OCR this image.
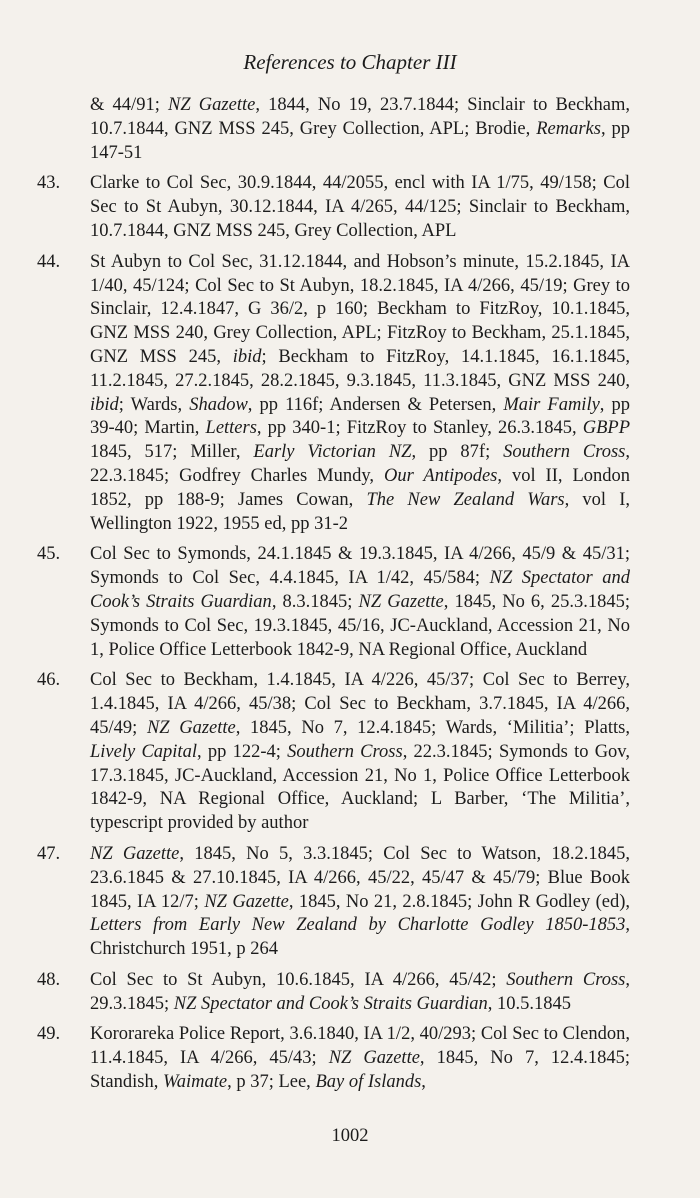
References to Chapter III
& 44/91; NZ Gazette, 1844, No 19, 23.7.1844; Sinclair to Beckham, 10.7.1844, GNZ MSS 245, Grey Collection, APL; Brodie, Remarks, pp 147-51
43.	Clarke to Col Sec, 30.9.1844, 44/2055, encl with IA 1/75, 49/158; Col Sec to St Aubyn, 30.12.1844, IA 4/265, 44/125; Sinclair to Beckham, 10.7.1844, GNZ MSS 245, Grey Collection, APL
44.	St Aubyn to Col Sec, 31.12.1844, and Hobson’s minute, 15.2.1845, IA 1/40, 45/124; Col Sec to St Aubyn, 18.2.1845, IA 4/266, 45/19; Grey to Sinclair, 12.4.1847, G 36/2, p 160; Beckham to FitzRoy, 10.1.1845, GNZ MSS 240, Grey Collection, APL; FitzRoy to Beckham, 25.1.1845, GNZ MSS 245, ibid; Beckham to FitzRoy, 14.1.1845, 16.1.1845, 11.2.1845, 27.2.1845, 28.2.1845, 9.3.1845, 11.3.1845, GNZ MSS 240, ibid; Wards, Shadow, pp 116f; Andersen & Petersen, Mair Family, pp 39-40; Martin, Letters, pp 340-1; FitzRoy to Stanley, 26.3.1845, GBPP 1845, 517; Miller, Early Victorian NZ, pp 87f; Southern Cross, 22.3.1845; Godfrey Charles Mundy, Our Antipodes, vol II, London 1852, pp 188-9; James Cowan, The New Zealand Wars, vol I, Wellington 1922, 1955 ed, pp 31-2
45.	Col Sec to Symonds, 24.1.1845 & 19.3.1845, IA 4/266, 45/9 & 45/31; Symonds to Col Sec, 4.4.1845, IA 1/42, 45/584; NZ Spectator and Cook’s Straits Guardian, 8.3.1845; NZ Gazette, 1845, No 6, 25.3.1845; Symonds to Col Sec, 19.3.1845, 45/16, JC-Auckland, Accession 21, No 1, Police Office Letterbook 1842-9, NA Regional Office, Auckland
46.	Col Sec to Beckham, 1.4.1845, IA 4/226, 45/37; Col Sec to Berrey, 1.4.1845, IA 4/266, 45/38; Col Sec to Beckham, 3.7.1845, IA 4/266, 45/49; NZ Gazette, 1845, No 7, 12.4.1845; Wards, ‘Militia’; Platts, Lively Capital, pp 122-4; Southern Cross, 22.3.1845; Symonds to Gov, 17.3.1845, JC-Auckland, Accession 21, No 1, Police Office Letterbook 1842-9, NA Regional Office, Auckland; L Barber, ‘The Militia’, typescript provided by author
47.	NZ Gazette, 1845, No 5, 3.3.1845; Col Sec to Watson, 18.2.1845, 23.6.1845 & 27.10.1845, IA 4/266, 45/22, 45/47 & 45/79; Blue Book 1845, IA 12/7; NZ Gazette, 1845, No 21, 2.8.1845; John R Godley (ed), Letters from Early New Zealand by Charlotte Godley 1850-1853, Christchurch 1951, p 264
48.	Col Sec to St Aubyn, 10.6.1845, IA 4/266, 45/42; Southern Cross, 29.3.1845; NZ Spectator and Cook’s Straits Guardian, 10.5.1845
49.	Kororareka Police Report, 3.6.1840, IA 1/2, 40/293; Col Sec to Clendon, 11.4.1845, IA 4/266, 45/43; NZ Gazette, 1845, No 7, 12.4.1845; Standish, Waimate, p 37; Lee, Bay of Islands,
1002
